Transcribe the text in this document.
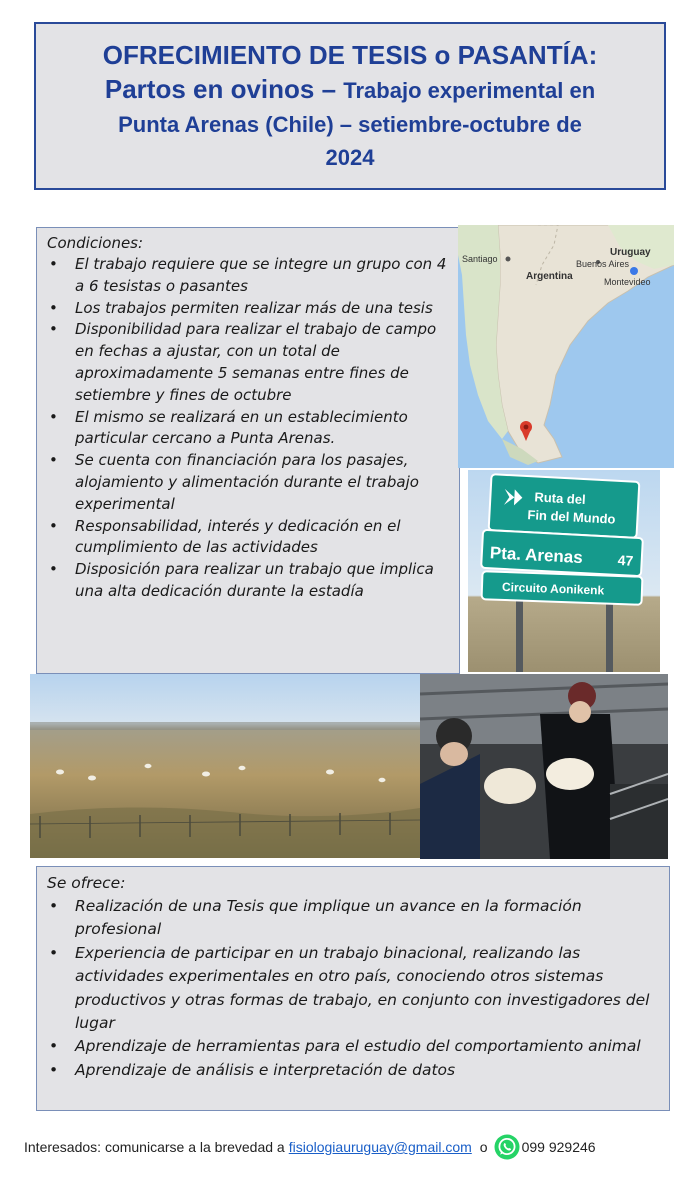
OFRECIMIENTO DE TESIS o PASANTÍA:
Partos en ovinos – Trabajo experimental en
Punta Arenas (Chile) – setiembre-octubre de
2024
Condiciones:
• El trabajo requiere que se integre un grupo con 4 a 6 tesistas o pasantes
• Los trabajos permiten realizar más de una tesis
• Disponibilidad para realizar el trabajo de campo en fechas a ajustar, con un total de aproximadamente 5 semanas entre fines de setiembre y fines de octubre
• El mismo se realizará en un establecimiento particular cercano a Punta Arenas.
• Se cuenta con financiación para los pasajes, alojamiento y alimentación durante el trabajo experimental
• Responsabilidad, interés y dedicación en el cumplimiento de las actividades
• Disposición para realizar un trabajo que implica una alta dedicación durante la estadía
Santiago	Buenos Aires
Uruguay
Argentina	Montevideo
Ruta del
Fin del Mundo
Pta. Arenas 47
Circuito Aonikenk
Se ofrece:
• Realización de una Tesis que implique un avance en la formación profesional
• Experiencia de participar en un trabajo binacional, realizando las actividades experimentales en otro país, conociendo otros sistemas productivos y otras formas de trabajo, en conjunto con investigadores del lugar
• Aprendizaje de herramientas para el estudio del comportamiento animal
• Aprendizaje de análisis e interpretación de datos
Interesados: comunicarse a la brevedad a fisiologiauruguay@gmail.com o 099 929246
